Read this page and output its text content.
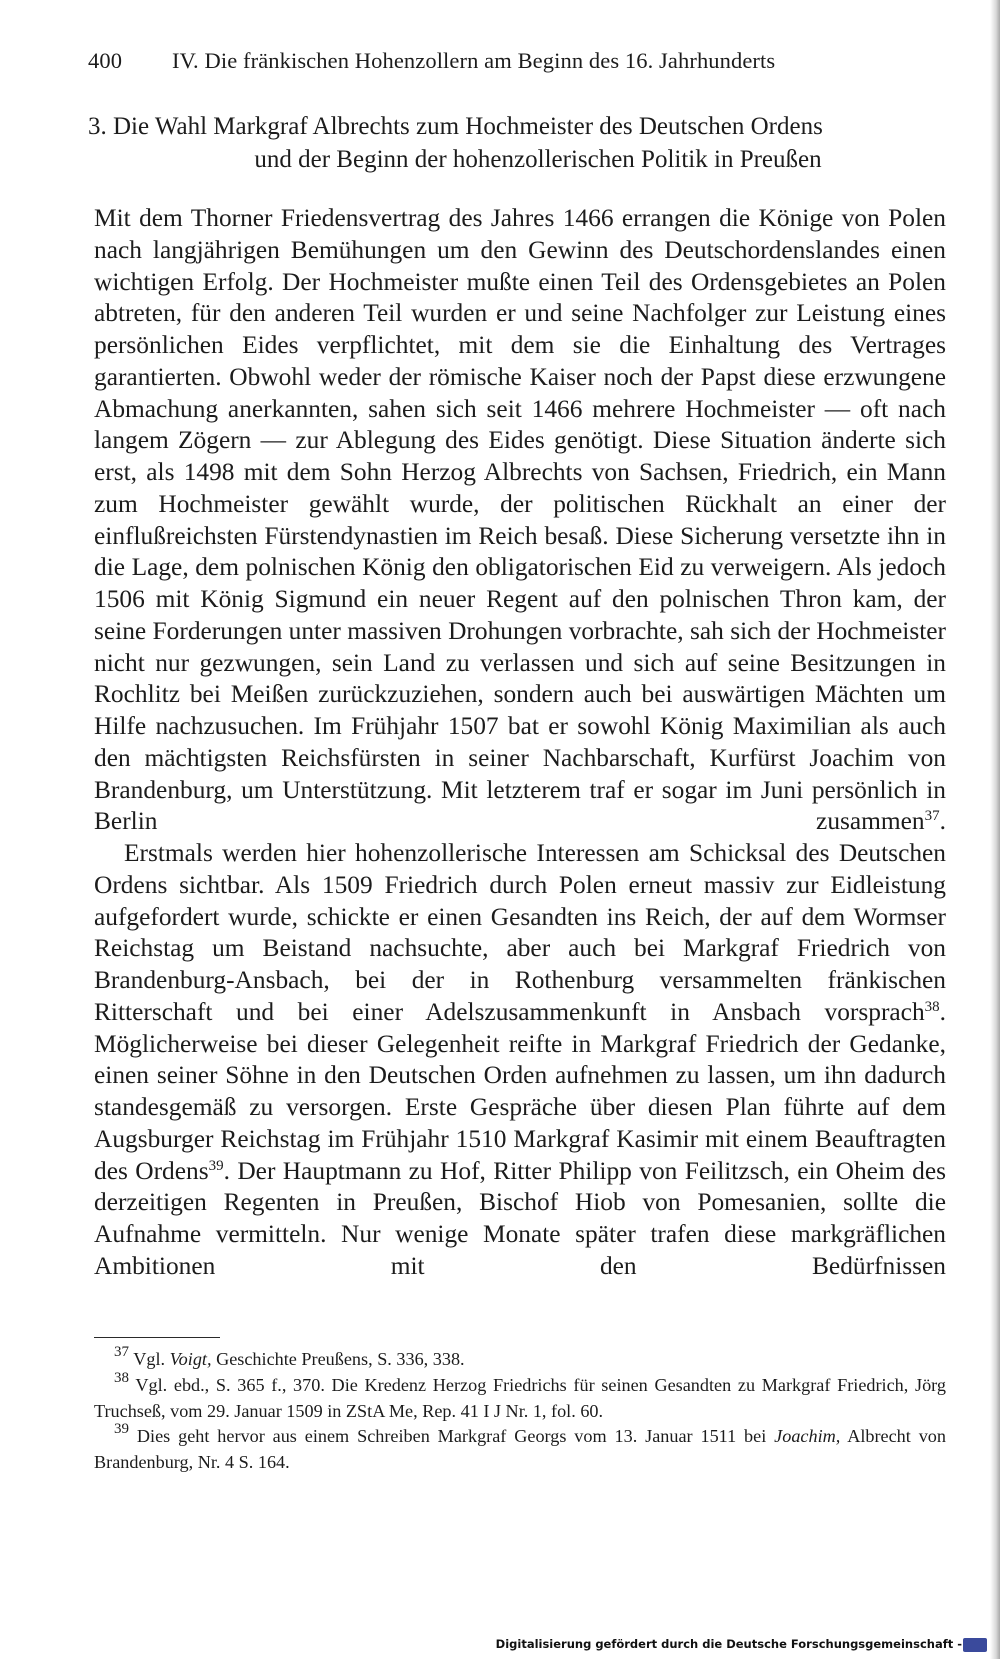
400 IV. Die fränkischen Hohenzollern am Beginn des 16. Jahrhunderts
3. Die Wahl Markgraf Albrechts zum Hochmeister des Deutschen Ordens
und der Beginn der hohenzollerischen Politik in Preußen

Mit dem Thorner Friedensvertrag des Jahres 1466 errangen die Könige von Polen nach langjährigen Bemühungen um den Gewinn des Deutschordenslandes einen wichtigen Erfolg. Der Hochmeister mußte einen Teil des Ordensgebietes an Polen abtreten, für den anderen Teil wurden er und seine Nachfolger zur Leistung eines persönlichen Eides verpflichtet, mit dem sie die Einhaltung des Vertrages garantierten. Obwohl weder der römische Kaiser noch der Papst diese erzwungene Abmachung anerkannten, sahen sich seit 1466 mehrere Hochmeister — oft nach langem Zögern — zur Ablegung des Eides genötigt. Diese Situation änderte sich erst, als 1498 mit dem Sohn Herzog Albrechts von Sachsen, Friedrich, ein Mann zum Hochmeister gewählt wurde, der politischen Rückhalt an einer der einflußreichsten Fürstendynastien im Reich besaß. Diese Sicherung versetzte ihn in die Lage, dem polnischen König den obligatorischen Eid zu verweigern. Als jedoch 1506 mit König Sigmund ein neuer Regent auf den polnischen Thron kam, der seine Forderungen unter massiven Drohungen vorbrachte, sah sich der Hochmeister nicht nur gezwungen, sein Land zu verlassen und sich auf seine Besitzungen in Rochlitz bei Meißen zurückzuziehen, sondern auch bei auswärtigen Mächten um Hilfe nachzusuchen. Im Frühjahr 1507 bat er sowohl König Maximilian als auch den mächtigsten Reichsfürsten in seiner Nachbarschaft, Kurfürst Joachim von Brandenburg, um Unterstützung. Mit letzterem traf er sogar im Juni persönlich in Berlin zusammen$^{37}$.

Erstmals werden hier hohenzollerische Interessen am Schicksal des Deutschen Ordens sichtbar. Als 1509 Friedrich durch Polen erneut massiv zur Eidleistung aufgefordert wurde, schickte er einen Gesandten ins Reich, der auf dem Wormser Reichstag um Beistand nachsuchte, aber auch bei Markgraf Friedrich von Brandenburg-Ansbach, bei der in Rothenburg versammelten fränkischen Ritterschaft und bei einer Adelszusammenkunft in Ansbach vorsprach$^{38}$. Möglicherweise bei dieser Gelegenheit reifte in Markgraf Friedrich der Gedanke, einen seiner Söhne in den Deutschen Orden aufnehmen zu lassen, um ihn dadurch standesgemäß zu versorgen. Erste Gespräche über diesen Plan führte auf dem Augsburger Reichstag im Frühjahr 1510 Markgraf Kasimir mit einem Beauftragten des Ordens$^{39}$. Der Hauptmann zu Hof, Ritter Philipp von Feilitzsch, ein Oheim des derzeitigen Regenten in Preußen, Bischof Hiob von Pomesanien, sollte die Aufnahme vermitteln. Nur wenige Monate später trafen diese markgräflichen Ambitionen mit den Bedürfnissen

$^{37}$ Vgl. Voigt, Geschichte Preußens, S. 336, 338.

$^{38}$ Vgl. ebd., S. 365 f., 370. Die Kredenz Herzog Friedrichs für seinen Gesandten zu Markgraf Friedrich, Jörg Truchseß, vom 29. Januar 1509 in ZStA Me, Rep. 41 I J Nr. 1, fol. 60.

$^{39}$ Dies geht hervor aus einem Schreiben Markgraf Georgs vom 13. Januar 1511 bei Joachim, Albrecht von Brandenburg, Nr. 4 S. 164.

Digitalisierung gefördert durch die Deutsche Forschungsgemeinschaft -
